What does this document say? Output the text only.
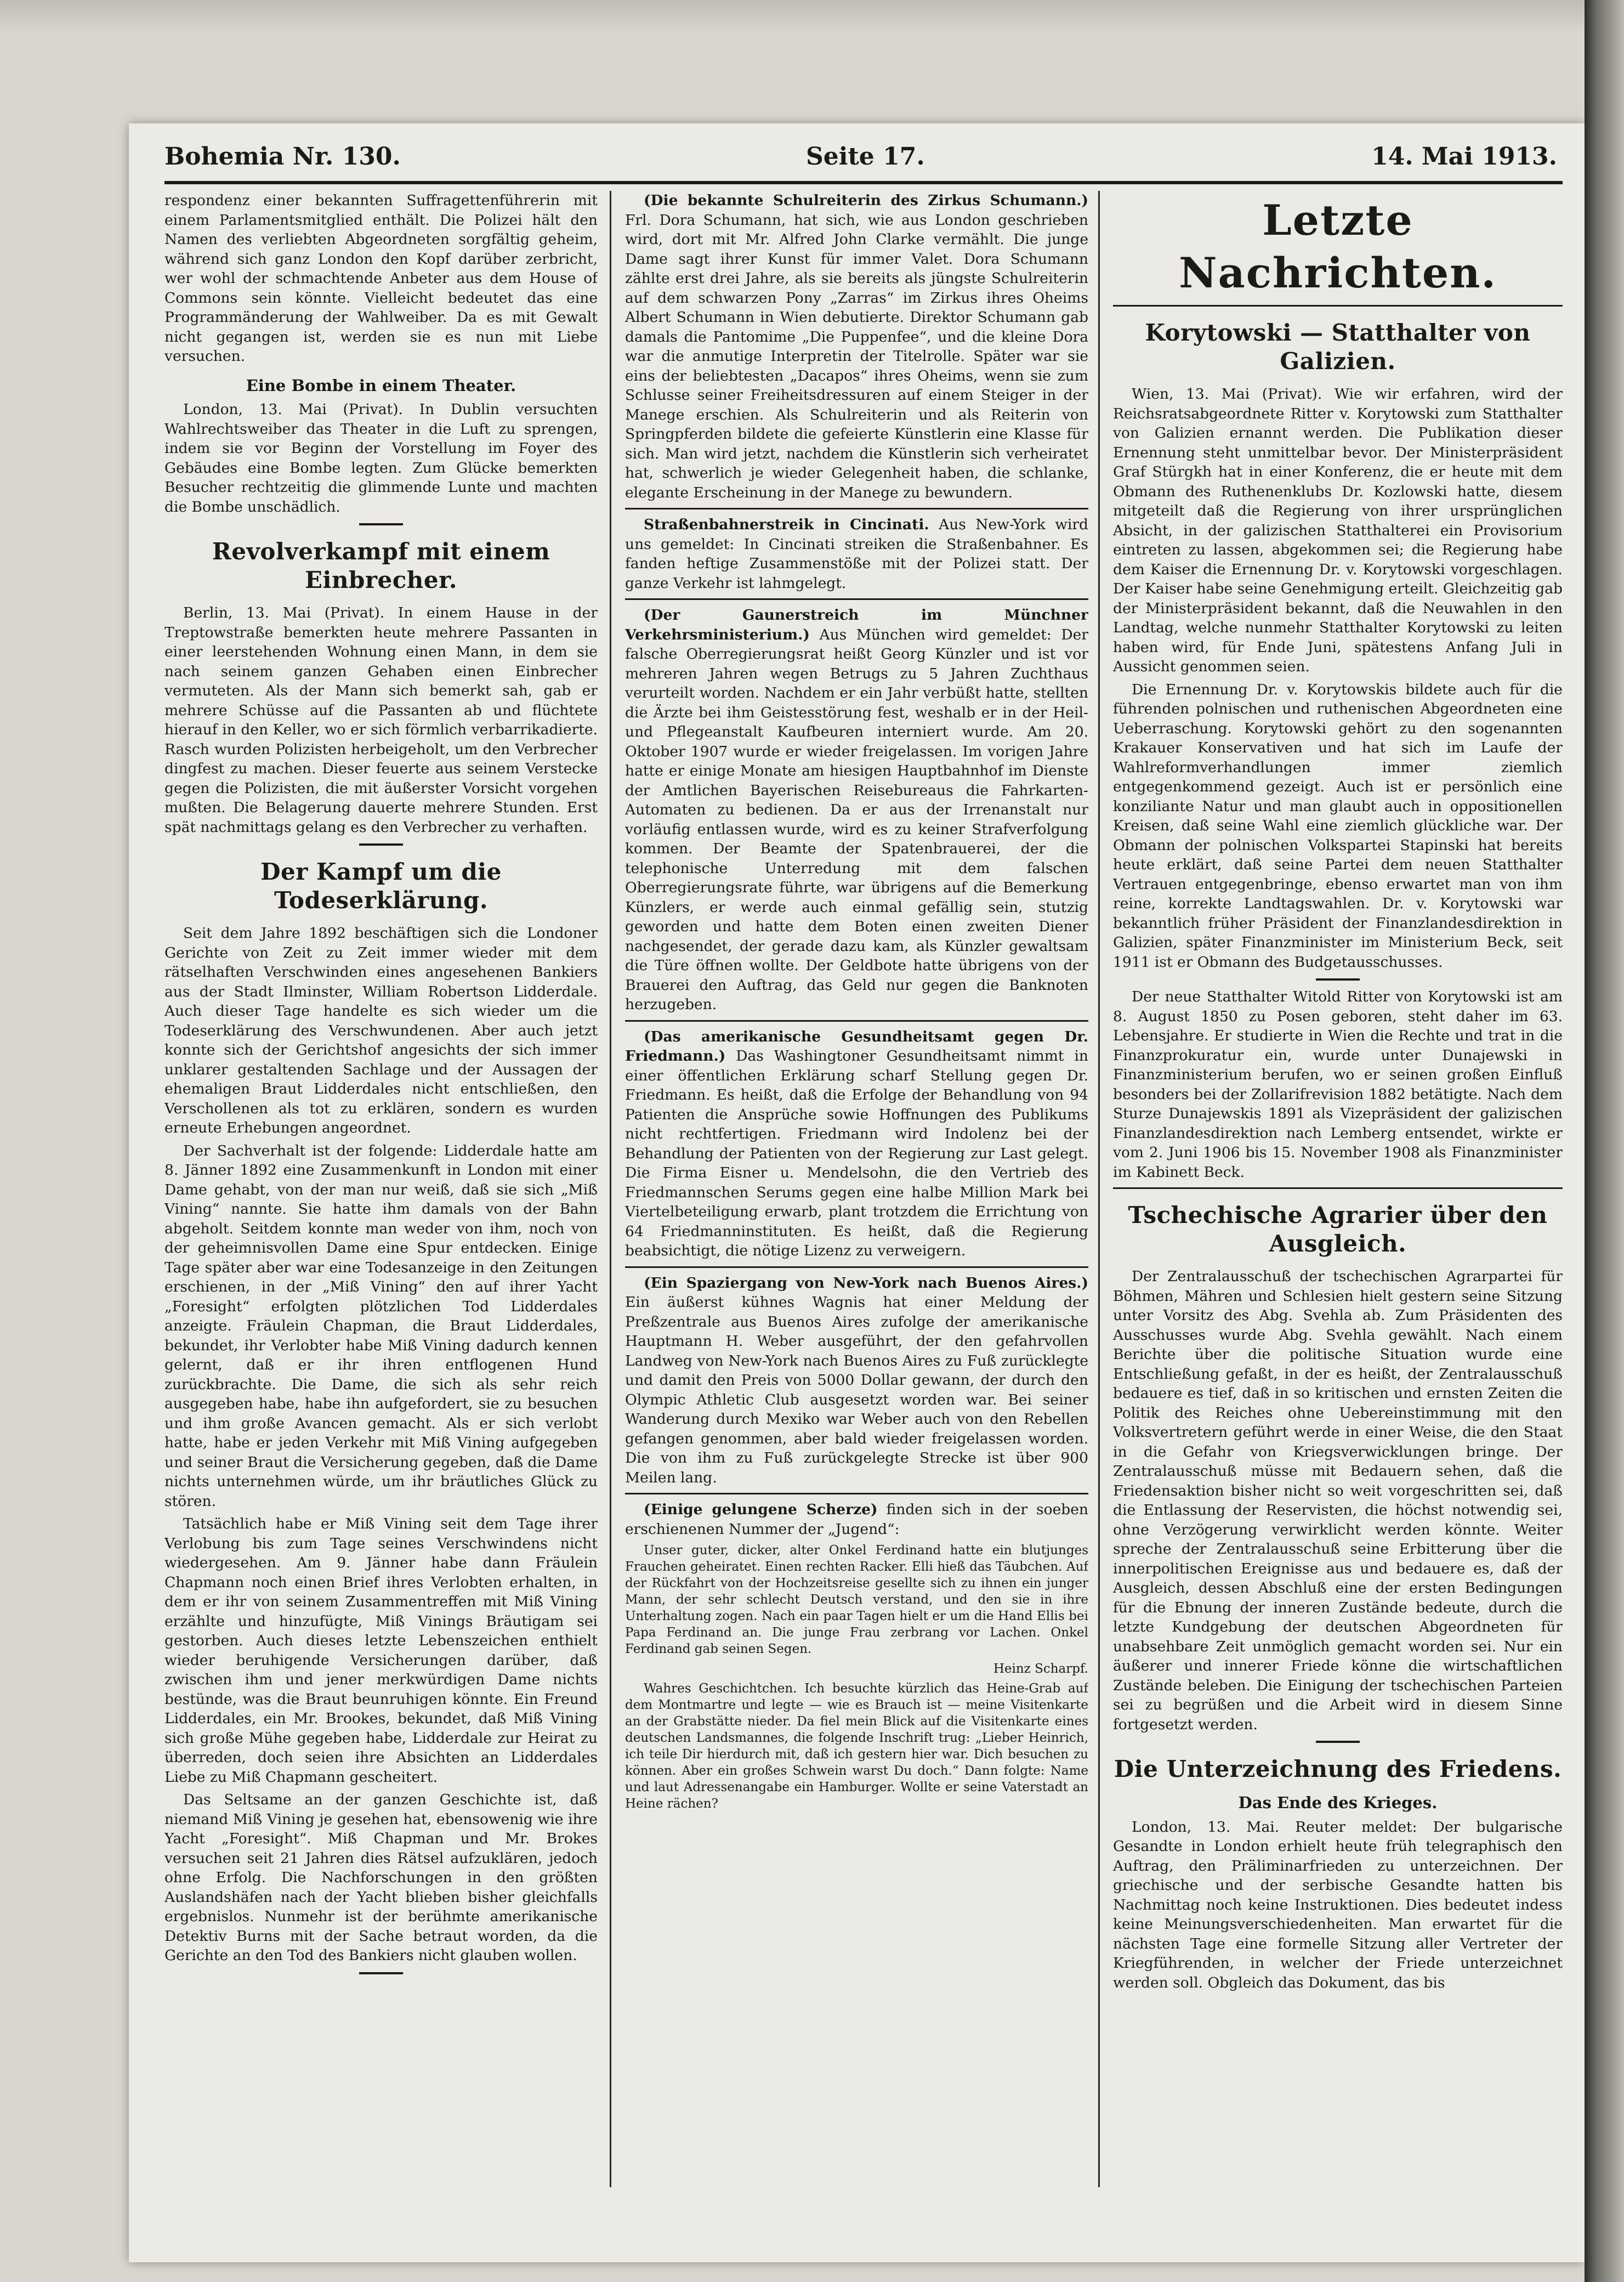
Bohemia Nr. 130.	Seite 17.	14. Mai 1913.

respondenz einer bekannten Suffragettenführerin mit einem Parlamentsmitglied enthält. Die Polizei hält den Namen des verliebten Abgeordneten sorgfältig geheim, während sich ganz London den Kopf darüber zerbricht, wer wohl der schmachtende Anbeter aus dem House of Commons sein könnte. Vielleicht bedeutet das eine Programmänderung der Wahlweiber. Da es mit Gewalt nicht gegangen ist, werden sie es nun mit Liebe versuchen.

Eine Bombe in einem Theater.

London, 13. Mai (Privat). In Dublin versuchten Wahlrechtsweiber das Theater in die Luft zu sprengen, indem sie vor Beginn der Vorstellung im Foyer des Gebäudes eine Bombe legten. Zum Glücke bemerkten Besucher rechtzeitig die glimmende Lunte und machten die Bombe unschädlich.

Revolverkampf mit einem Einbrecher.

Berlin, 13. Mai (Privat). In einem Hause in der Treptowstraße bemerkten heute mehrere Passanten in einer leerstehenden Wohnung einen Mann, in dem sie nach seinem ganzen Gehaben einen Einbrecher vermuteten. Als der Mann sich bemerkt sah, gab er mehrere Schüsse auf die Passanten ab und flüchtete hierauf in den Keller, wo er sich förmlich verbarrikadierte. Rasch wurden Polizisten herbeigeholt, um den Verbrecher dingfest zu machen. Dieser feuerte aus seinem Verstecke gegen die Polizisten, die mit äußerster Vorsicht vorgehen mußten. Die Belagerung dauerte mehrere Stunden. Erst spät nachmittags gelang es den Verbrecher zu verhaften.

Der Kampf um die Todeserklärung.

Seit dem Jahre 1892 beschäftigen sich die Londoner Gerichte von Zeit zu Zeit immer wieder mit dem rätselhaften Verschwinden eines angesehenen Bankiers aus der Stadt Ilminster, William Robertson Lidderdale. Auch dieser Tage handelte es sich wieder um die Todeserklärung des Verschwundenen. Aber auch jetzt konnte sich der Gerichtshof angesichts der sich immer unklarer gestaltenden Sachlage und der Aussagen der ehemaligen Braut Lidderdales nicht entschließen, den Verschollenen als tot zu erklären, sondern es wurden erneute Erhebungen angeordnet.

Der Sachverhalt ist der folgende: Lidderdale hatte am 8. Jänner 1892 eine Zusammenkunft in London mit einer Dame gehabt, von der man nur weiß, daß sie sich „Miß Vining“ nannte. Sie hatte ihm damals von der Bahn abgeholt. Seitdem konnte man weder von ihm, noch von der geheimnisvollen Dame eine Spur entdecken. Einige Tage später aber war eine Todesanzeige in den Zeitungen erschienen, in der „Miß Vining“ den auf ihrer Yacht „Foresight“ erfolgten plötzlichen Tod Lidderdales anzeigte. Fräulein Chapman, die Braut Lidderdales, bekundet, ihr Verlobter habe Miß Vining dadurch kennen gelernt, daß er ihr ihren entflogenen Hund zurückbrachte. Die Dame, die sich als sehr reich ausgegeben habe, habe ihn aufgefordert, sie zu besuchen und ihm große Avancen gemacht. Als er sich verlobt hatte, habe er jeden Verkehr mit Miß Vining aufgegeben und seiner Braut die Versicherung gegeben, daß die Dame nichts unternehmen würde, um ihr bräutliches Glück zu stören.

Tatsächlich habe er Miß Vining seit dem Tage ihrer Verlobung bis zum Tage seines Verschwindens nicht wiedergesehen. Am 9. Jänner habe dann Fräulein Chapmann noch einen Brief ihres Verlobten erhalten, in dem er ihr von seinem Zusammentreffen mit Miß Vining erzählte und hinzufügte, Miß Vinings Bräutigam sei gestorben. Auch dieses letzte Lebenszeichen enthielt wieder beruhigende Versicherungen darüber, daß zwischen ihm und jener merkwürdigen Dame nichts bestünde, was die Braut beunruhigen könnte. Ein Freund Lidderdales, ein Mr. Brookes, bekundet, daß Miß Vining sich große Mühe gegeben habe, Lidderdale zur Heirat zu überreden, doch seien ihre Absichten an Lidderdales Liebe zu Miß Chapmann gescheitert.

Das Seltsame an der ganzen Geschichte ist, daß niemand Miß Vining je gesehen hat, ebensowenig wie ihre Yacht „Foresight“. Miß Chapman und Mr. Brokes versuchen seit 21 Jahren dies Rätsel aufzuklären, jedoch ohne Erfolg. Die Nachforschungen in den größten Auslandshäfen nach der Yacht blieben bisher gleichfalls ergebnislos. Nunmehr ist der berühmte amerikanische Detektiv Burns mit der Sache betraut worden, da die Gerichte an den Tod des Bankiers nicht glauben wollen.

(Die bekannte Schulreiterin des Zirkus Schumann.) Frl. Dora Schumann, hat sich, wie aus London geschrieben wird, dort mit Mr. Alfred John Clarke vermählt. Die junge Dame sagt ihrer Kunst für immer Valet. Dora Schumann zählte erst drei Jahre, als sie bereits als jüngste Schulreiterin auf dem schwarzen Pony „Zarras“ im Zirkus ihres Oheims Albert Schumann in Wien debutierte. Direktor Schumann gab damals die Pantomime „Die Puppenfee“, und die kleine Dora war die anmutige Interpretin der Titelrolle. Später war sie eins der beliebtesten „Dacapos“ ihres Oheims, wenn sie zum Schlusse seiner Freiheitsdressuren auf einem Steiger in der Manege erschien. Als Schulreiterin und als Reiterin von Springpferden bildete die gefeierte Künstlerin eine Klasse für sich. Man wird jetzt, nachdem die Künstlerin sich verheiratet hat, schwerlich je wieder Gelegenheit haben, die schlanke, elegante Erscheinung in der Manege zu bewundern.

Straßenbahnerstreik in Cincinati. Aus New-York wird uns gemeldet: In Cincinati streiken die Straßenbahner. Es fanden heftige Zusammenstöße mit der Polizei statt. Der ganze Verkehr ist lahmgelegt.

(Der Gaunerstreich im Münchner Verkehrsministerium.) Aus München wird gemeldet: Der falsche Oberregierungsrat heißt Georg Künzler und ist vor mehreren Jahren wegen Betrugs zu 5 Jahren Zuchthaus verurteilt worden. Nachdem er ein Jahr verbüßt hatte, stellten die Ärzte bei ihm Geistesstörung fest, weshalb er in der Heil- und Pflegeanstalt Kaufbeuren interniert wurde. Am 20. Oktober 1907 wurde er wieder freigelassen. Im vorigen Jahre hatte er einige Monate am hiesigen Hauptbahnhof im Dienste der Amtlichen Bayerischen Reisebureaus die Fahrkarten-Automaten zu bedienen. Da er aus der Irrenanstalt nur vorläufig entlassen wurde, wird es zu keiner Strafverfolgung kommen. Der Beamte der Spatenbrauerei, der die telephonische Unterredung mit dem falschen Oberregierungsrate führte, war übrigens auf die Bemerkung Künzlers, er werde auch einmal gefällig sein, stutzig geworden und hatte dem Boten einen zweiten Diener nachgesendet, der gerade dazu kam, als Künzler gewaltsam die Türe öffnen wollte. Der Geldbote hatte übrigens von der Brauerei den Auftrag, das Geld nur gegen die Banknoten herzugeben.

(Das amerikanische Gesundheitsamt gegen Dr. Friedmann.) Das Washingtoner Gesundheitsamt nimmt in einer öffentlichen Erklärung scharf Stellung gegen Dr. Friedmann. Es heißt, daß die Erfolge der Behandlung von 94 Patienten die Ansprüche sowie Hoffnungen des Publikums nicht rechtfertigen. Friedmann wird Indolenz bei der Behandlung der Patienten von der Regierung zur Last gelegt. Die Firma Eisner u. Mendelsohn, die den Vertrieb des Friedmannschen Serums gegen eine halbe Million Mark bei Viertelbeteiligung erwarb, plant trotzdem die Errichtung von 64 Friedmanninstituten. Es heißt, daß die Regierung beabsichtigt, die nötige Lizenz zu verweigern.

(Ein Spaziergang von New-York nach Buenos Aires.) Ein äußerst kühnes Wagnis hat einer Meldung der Preßzentrale aus Buenos Aires zufolge der amerikanische Hauptmann H. Weber ausgeführt, der den gefahrvollen Landweg von New-York nach Buenos Aires zu Fuß zurücklegte und damit den Preis von 5000 Dollar gewann, der durch den Olympic Athletic Club ausgesetzt worden war. Bei seiner Wanderung durch Mexiko war Weber auch von den Rebellen gefangen genommen, aber bald wieder freigelassen worden. Die von ihm zu Fuß zurückgelegte Strecke ist über 900 Meilen lang.

(Einige gelungene Scherze) finden sich in der soeben erschienenen Nummer der „Jugend“:

Unser guter, dicker, alter Onkel Ferdinand hatte ein blutjunges Frauchen geheiratet. Einen rechten Racker. Elli hieß das Täubchen. Auf der Rückfahrt von der Hochzeitsreise gesellte sich zu ihnen ein junger Mann, der sehr schlecht Deutsch verstand, und den sie in ihre Unterhaltung zogen. Nach ein paar Tagen hielt er um die Hand Ellis bei Papa Ferdinand an. Die junge Frau zerbrang vor Lachen. Onkel Ferdinand gab seinen Segen.

Heinz Scharpf.

Wahres Geschichtchen. Ich besuchte kürzlich das Heine-Grab auf dem Montmartre und legte — wie es Brauch ist — meine Visitenkarte an der Grabstätte nieder. Da fiel mein Blick auf die Visitenkarte eines deutschen Landsmannes, die folgende Inschrift trug: „Lieber Heinrich, ich teile Dir hierdurch mit, daß ich gestern hier war. Dich besuchen zu können. Aber ein großes Schwein warst Du doch.“ Dann folgte: Name und laut Adressenangabe ein Hamburger. Wollte er seine Vaterstadt an Heine rächen?

Letzte Nachrichten.
Korytowski — Statthalter von Galizien.

Wien, 13. Mai (Privat). Wie wir erfahren, wird der Reichsratsabgeordnete Ritter v. Korytowski zum Statthalter von Galizien ernannt werden. Die Publikation dieser Ernennung steht unmittelbar bevor. Der Ministerpräsident Graf Stürgkh hat in einer Konferenz, die er heute mit dem Obmann des Ruthenenklubs Dr. Kozlowski hatte, diesem mitgeteilt daß die Regierung von ihrer ursprünglichen Absicht, in der galizischen Statthalterei ein Provisorium eintreten zu lassen, abgekommen sei; die Regierung habe dem Kaiser die Ernennung Dr. v. Korytowski vorgeschlagen. Der Kaiser habe seine Genehmigung erteilt. Gleichzeitig gab der Ministerpräsident bekannt, daß die Neuwahlen in den Landtag, welche nunmehr Statthalter Korytowski zu leiten haben wird, für Ende Juni, spätestens Anfang Juli in Aussicht genommen seien.

Die Ernennung Dr. v. Korytowskis bildete auch für die führenden polnischen und ruthenischen Abgeordneten eine Ueberraschung. Korytowski gehört zu den sogenannten Krakauer Konservativen und hat sich im Laufe der Wahlreformverhandlungen immer ziemlich entgegenkommend gezeigt. Auch ist er persönlich eine konziliante Natur und man glaubt auch in oppositionellen Kreisen, daß seine Wahl eine ziemlich glückliche war. Der Obmann der polnischen Volkspartei Stapinski hat bereits heute erklärt, daß seine Partei dem neuen Statthalter Vertrauen entgegenbringe, ebenso erwartet man von ihm reine, korrekte Landtagswahlen. Dr. v. Korytowski war bekanntlich früher Präsident der Finanzlandesdirektion in Galizien, später Finanzminister im Ministerium Beck, seit 1911 ist er Obmann des Budgetausschusses.

Der neue Statthalter Witold Ritter von Korytowski ist am 8. August 1850 zu Posen geboren, steht daher im 63. Lebensjahre. Er studierte in Wien die Rechte und trat in die Finanzprokuratur ein, wurde unter Dunajewski in Finanzministerium berufen, wo er seinen großen Einfluß besonders bei der Zollarifrevision 1882 betätigte. Nach dem Sturze Dunajewskis 1891 als Vizepräsident der galizischen Finanzlandesdirektion nach Lemberg entsendet, wirkte er vom 2. Juni 1906 bis 15. November 1908 als Finanzminister im Kabinett Beck.

Tschechische Agrarier über den Ausgleich.

Der Zentralausschuß der tschechischen Agrarpartei für Böhmen, Mähren und Schlesien hielt gestern seine Sitzung unter Vorsitz des Abg. Svehla ab. Zum Präsidenten des Ausschusses wurde Abg. Svehla gewählt. Nach einem Berichte über die politische Situation wurde eine Entschließung gefaßt, in der es heißt, der Zentralausschuß bedauere es tief, daß in so kritischen und ernsten Zeiten die Politik des Reiches ohne Uebereinstimmung mit den Volksvertretern geführt werde in einer Weise, die den Staat in die Gefahr von Kriegsverwicklungen bringe. Der Zentralausschuß müsse mit Bedauern sehen, daß die Friedensaktion bisher nicht so weit vorgeschritten sei, daß die Entlassung der Reservisten, die höchst notwendig sei, ohne Verzögerung verwirklicht werden könnte. Weiter spreche der Zentralausschuß seine Erbitterung über die innerpolitischen Ereignisse aus und bedauere es, daß der Ausgleich, dessen Abschluß eine der ersten Bedingungen für die Ebnung der inneren Zustände bedeute, durch die letzte Kundgebung der deutschen Abgeordneten für unabsehbare Zeit unmöglich gemacht worden sei. Nur ein äußerer und innerer Friede könne die wirtschaftlichen Zustände beleben. Die Einigung der tschechischen Parteien sei zu begrüßen und die Arbeit wird in diesem Sinne fortgesetzt werden.

Die Unterzeichnung des Friedens.
Das Ende des Krieges.

London, 13. Mai. Reuter meldet: Der bulgarische Gesandte in London erhielt heute früh telegraphisch den Auftrag, den Präliminarfrieden zu unterzeichnen. Der griechische und der serbische Gesandte hatten bis Nachmittag noch keine Instruktionen. Dies bedeutet indess keine Meinungsverschiedenheiten. Man erwartet für die nächsten Tage eine formelle Sitzung aller Vertreter der Kriegführenden, in welcher der Friede unterzeichnet werden soll. Obgleich das Dokument, das bis
